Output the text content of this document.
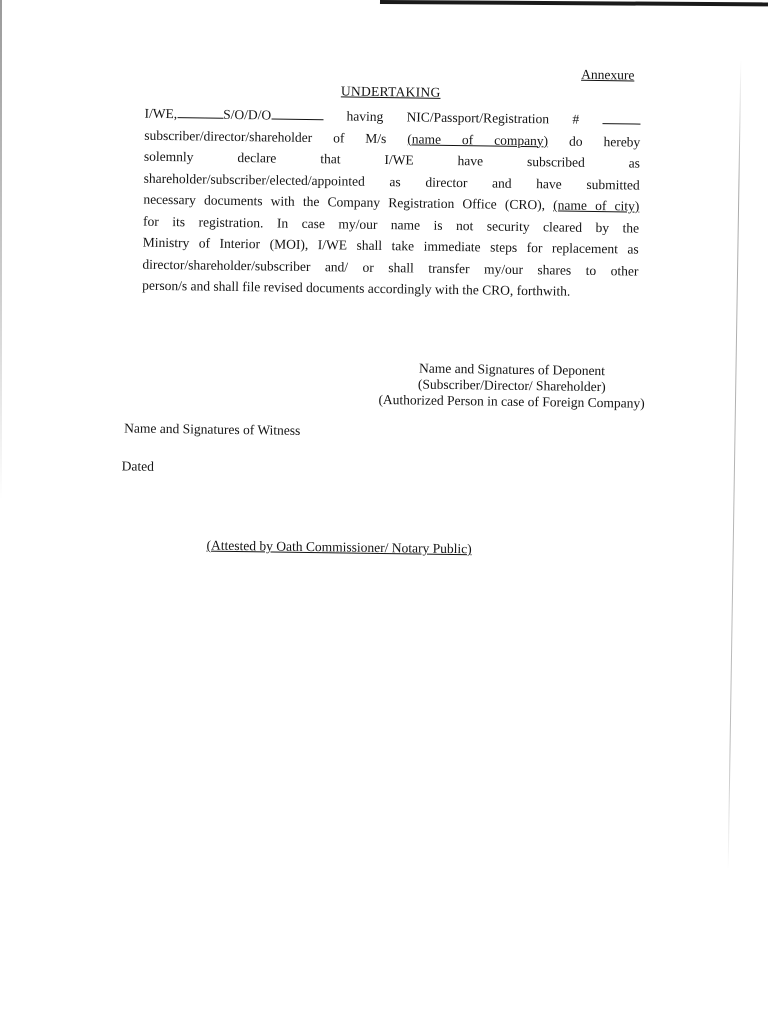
Annexure
UNDERTAKING
I/WE,	S/O/D/O	having NIC/Passport/Registration #
subscriber/director/shareholder of M/s (name of company) do hereby
solemnly declare that I/WE have subscribed as
shareholder/subscriber/elected/appointed as director and have submitted
necessary documents with the Company Registration Office (CRO), (name of city)
for its registration. In case my/our name is not security cleared by the
Ministry of Interior (MOI), I/WE shall take immediate steps for replacement as
director/shareholder/subscriber and/ or shall transfer my/our shares to other
person/s and shall file revised documents accordingly with the CRO, forthwith.
Name and Signatures of Deponent
(Subscriber/Director/ Shareholder)
(Authorized Person in case of Foreign Company)
Name and Signatures of Witness
Dated
(Attested by Oath Commissioner/ Notary Public)
